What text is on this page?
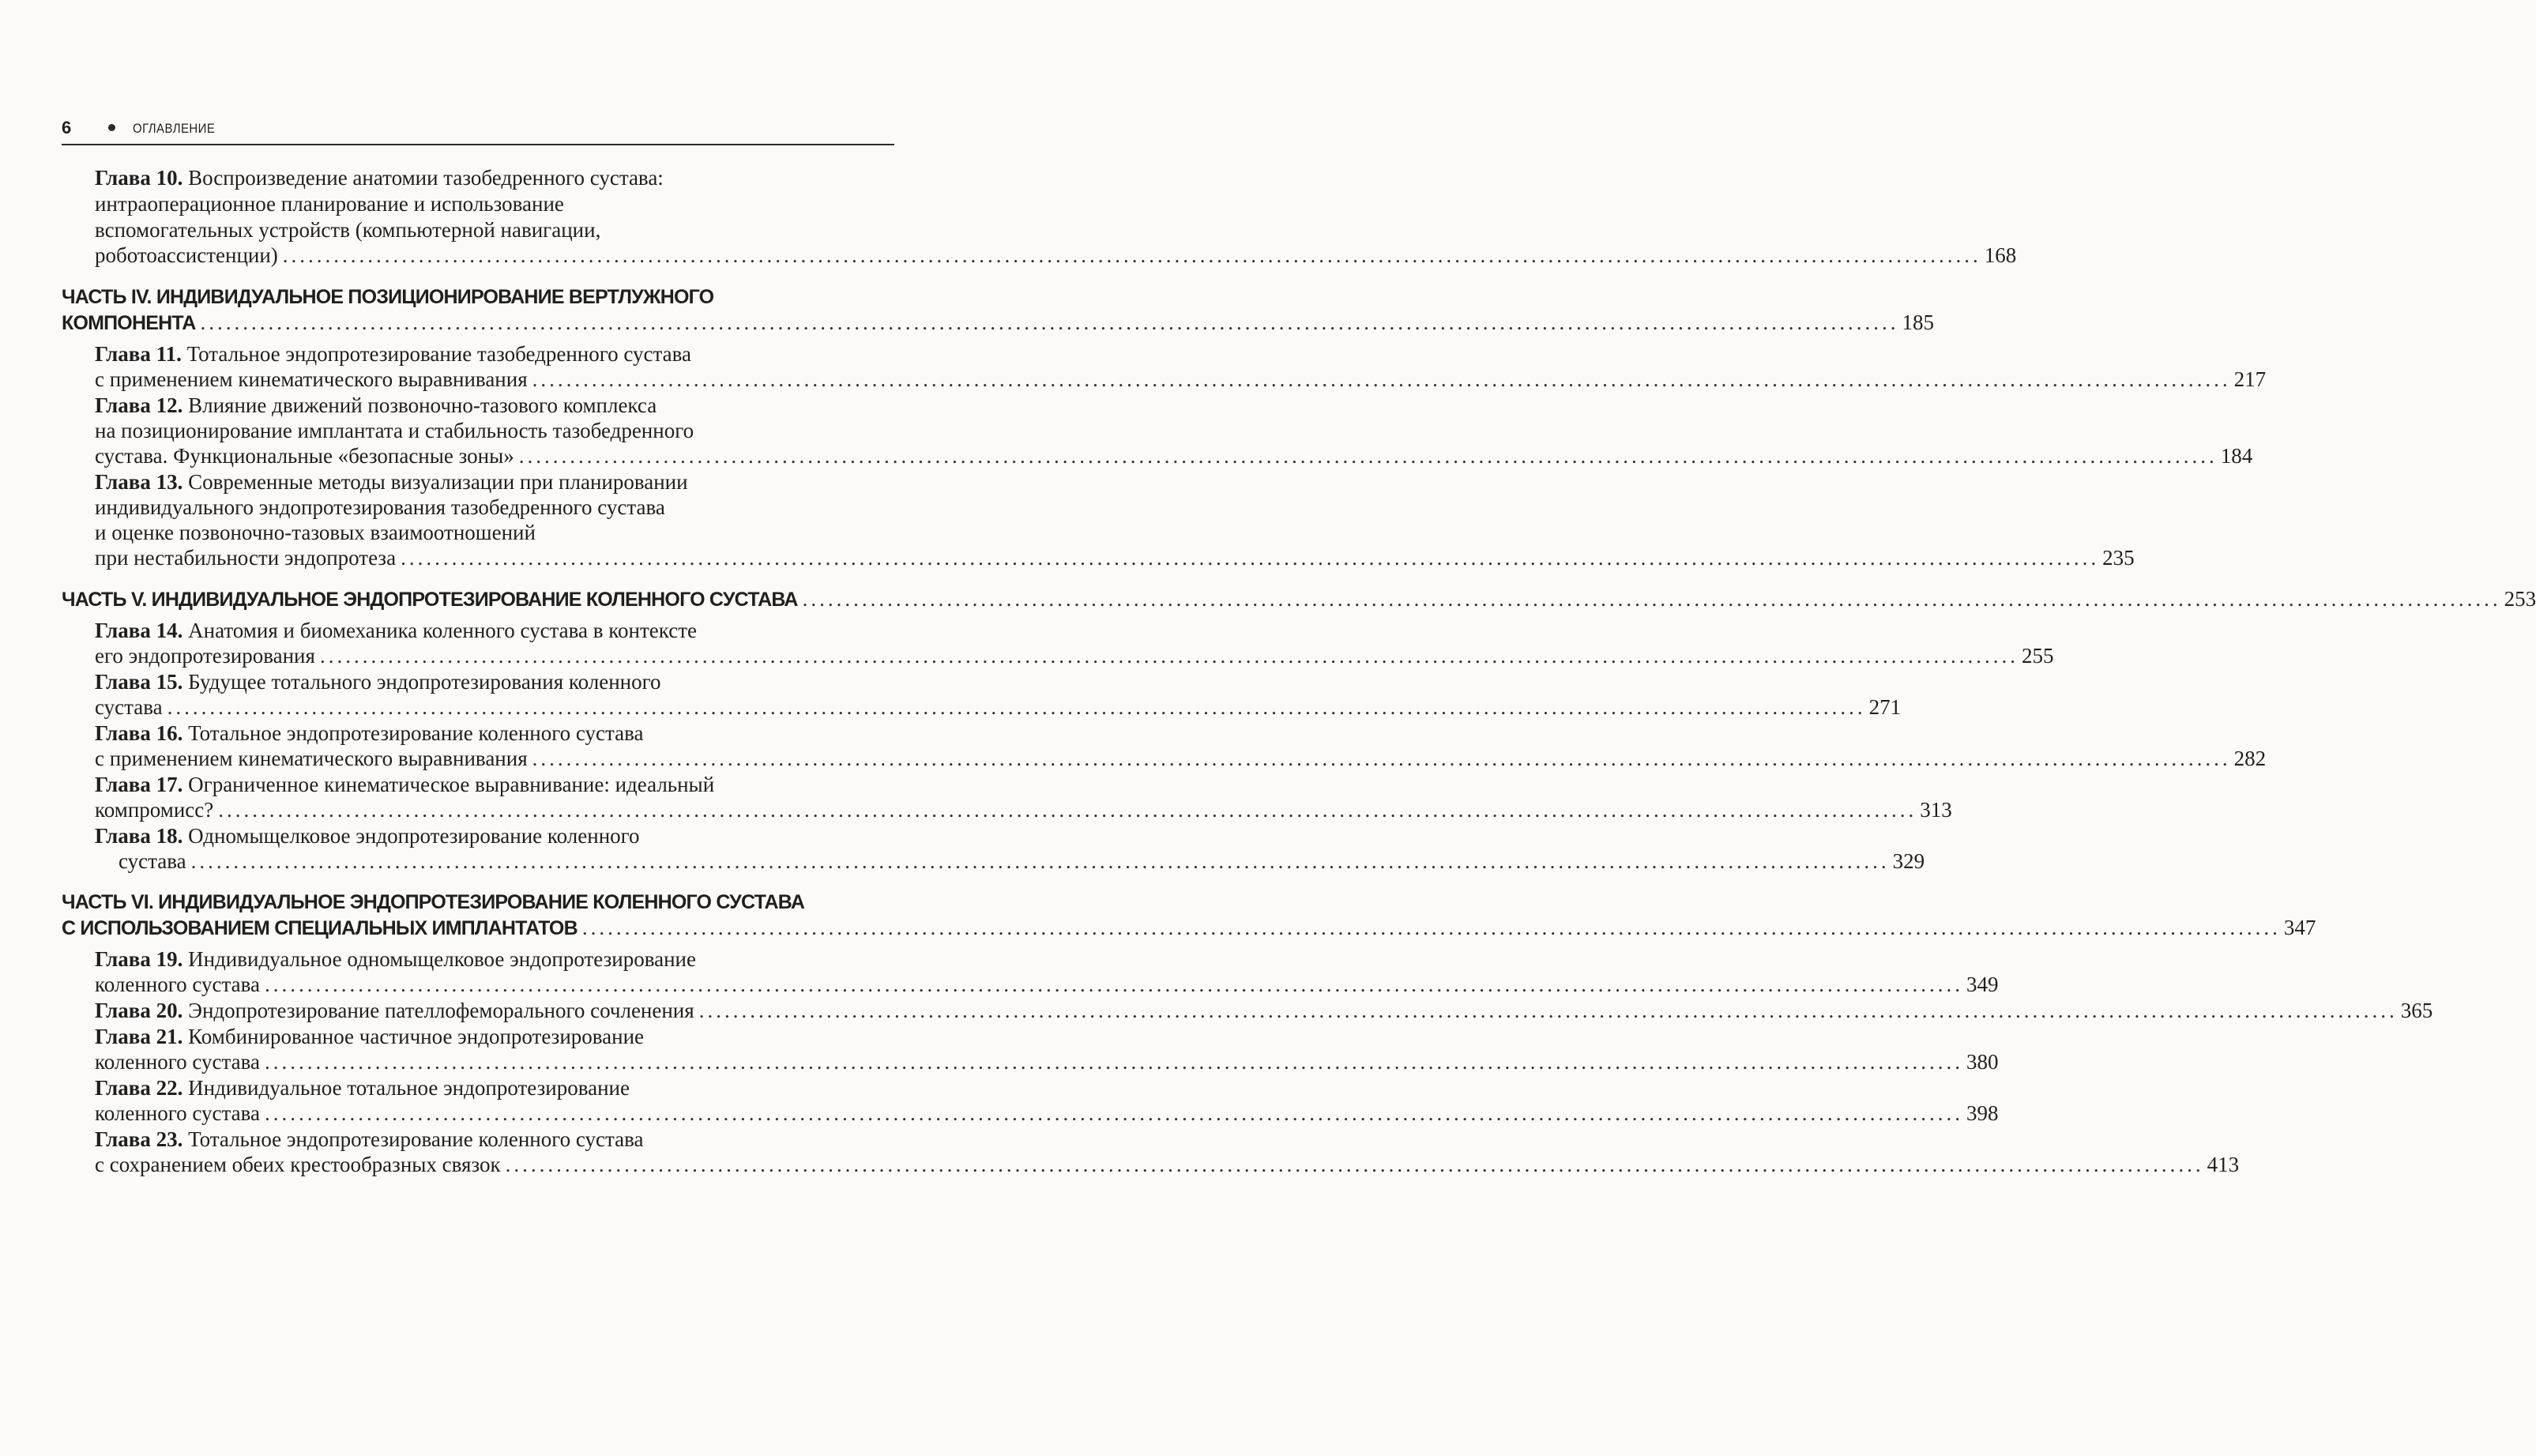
6	ОГЛАВЛЕНИЕ
Глава 10. Воспроизведение анатомии тазобедренного сустава:
интраоперационное планирование и использование
вспомогательных устройств (компьютерной навигации,
роботоассистенции) ........................................................................................................................................................................................................ 168
ЧАСТЬ IV. ИНДИВИДУАЛЬНОЕ ПОЗИЦИОНИРОВАНИЕ ВЕРТЛУЖНОГО
КОМПОНЕНТА ........................................................................................................................................................................................................ 185
Глава 11. Тотальное эндопротезирование тазобедренного сустава
с применением кинематического выравнивания ........................................................................................................................................................................................................ 217
Глава 12. Влияние движений позвоночно-тазового комплекса
на позиционирование имплантата и стабильность тазобедренного
сустава. Функциональные «безопасные зоны» ........................................................................................................................................................................................................ 184
Глава 13. Современные методы визуализации при планировании
индивидуального эндопротезирования тазобедренного сустава
и оценке позвоночно-тазовых взаимоотношений
при нестабильности эндопротеза ........................................................................................................................................................................................................ 235
ЧАСТЬ V. ИНДИВИДУАЛЬНОЕ ЭНДОПРОТЕЗИРОВАНИЕ КОЛЕННОГО СУСТАВА ........................................................................................................................................................................................................ 253
Глава 14. Анатомия и биомеханика коленного сустава в контексте
его эндопротезирования ........................................................................................................................................................................................................ 255
Глава 15. Будущее тотального эндопротезирования коленного
сустава ........................................................................................................................................................................................................ 271
Глава 16. Тотальное эндопротезирование коленного сустава
с применением кинематического выравнивания ........................................................................................................................................................................................................ 282
Глава 17. Ограниченное кинематическое выравнивание: идеальный
компромисс? ........................................................................................................................................................................................................ 313
Глава 18. Одномыщелковое эндопротезирование коленного
сустава ........................................................................................................................................................................................................ 329
ЧАСТЬ VI. ИНДИВИДУАЛЬНОЕ ЭНДОПРОТЕЗИРОВАНИЕ КОЛЕННОГО СУСТАВА
С ИСПОЛЬЗОВАНИЕМ СПЕЦИАЛЬНЫХ ИМПЛАНТАТОВ ........................................................................................................................................................................................................ 347
Глава 19. Индивидуальное одномыщелковое эндопротезирование
коленного сустава ........................................................................................................................................................................................................ 349
Глава 20. Эндопротезирование пателлофеморального сочленения ........................................................................................................................................................................................................ 365
Глава 21. Комбинированное частичное эндопротезирование
коленного сустава ........................................................................................................................................................................................................ 380
Глава 22. Индивидуальное тотальное эндопротезирование
коленного сустава ........................................................................................................................................................................................................ 398
Глава 23. Тотальное эндопротезирование коленного сустава
с сохранением обеих крестообразных связок ........................................................................................................................................................................................................ 413
